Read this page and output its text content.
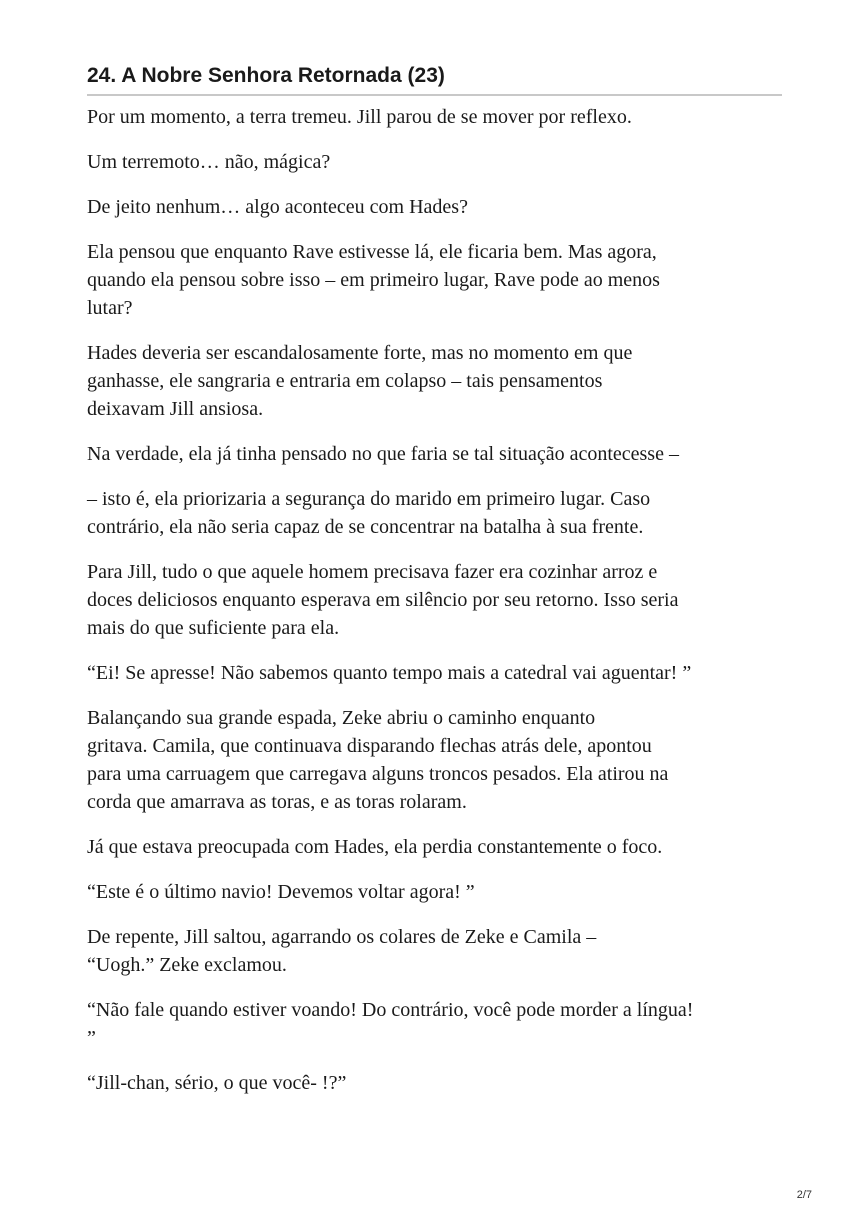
24. A Nobre Senhora Retornada (23)

Por um momento, a terra tremeu. Jill parou de se mover por reflexo.

Um terremoto… não, mágica?

De jeito nenhum… algo aconteceu com Hades?

Ela pensou que enquanto Rave estivesse lá, ele ficaria bem. Mas agora,
quando ela pensou sobre isso – em primeiro lugar, Rave pode ao menos
lutar?

Hades deveria ser escandalosamente forte, mas no momento em que
ganhasse, ele sangraria e entraria em colapso – tais pensamentos
deixavam Jill ansiosa.

Na verdade, ela já tinha pensado no que faria se tal situação acontecesse –

– isto é, ela priorizaria a segurança do marido em primeiro lugar. Caso
contrário, ela não seria capaz de se concentrar na batalha à sua frente.

Para Jill, tudo o que aquele homem precisava fazer era cozinhar arroz e
doces deliciosos enquanto esperava em silêncio por seu retorno. Isso seria
mais do que suficiente para ela.

“Ei! Se apresse! Não sabemos quanto tempo mais a catedral vai aguentar! ”

Balançando sua grande espada, Zeke abriu o caminho enquanto
gritava. Camila, que continuava disparando flechas atrás dele, apontou
para uma carruagem que carregava alguns troncos pesados. Ela atirou na
corda que amarrava as toras, e as toras rolaram.

Já que estava preocupada com Hades, ela perdia constantemente o foco.

“Este é o último navio! Devemos voltar agora! ”

De repente, Jill saltou, agarrando os colares de Zeke e Camila –
“Uogh.” Zeke exclamou.

“Não fale quando estiver voando! Do contrário, você pode morder a língua!
”

“Jill-chan, sério, o que você- !?”

2/7
